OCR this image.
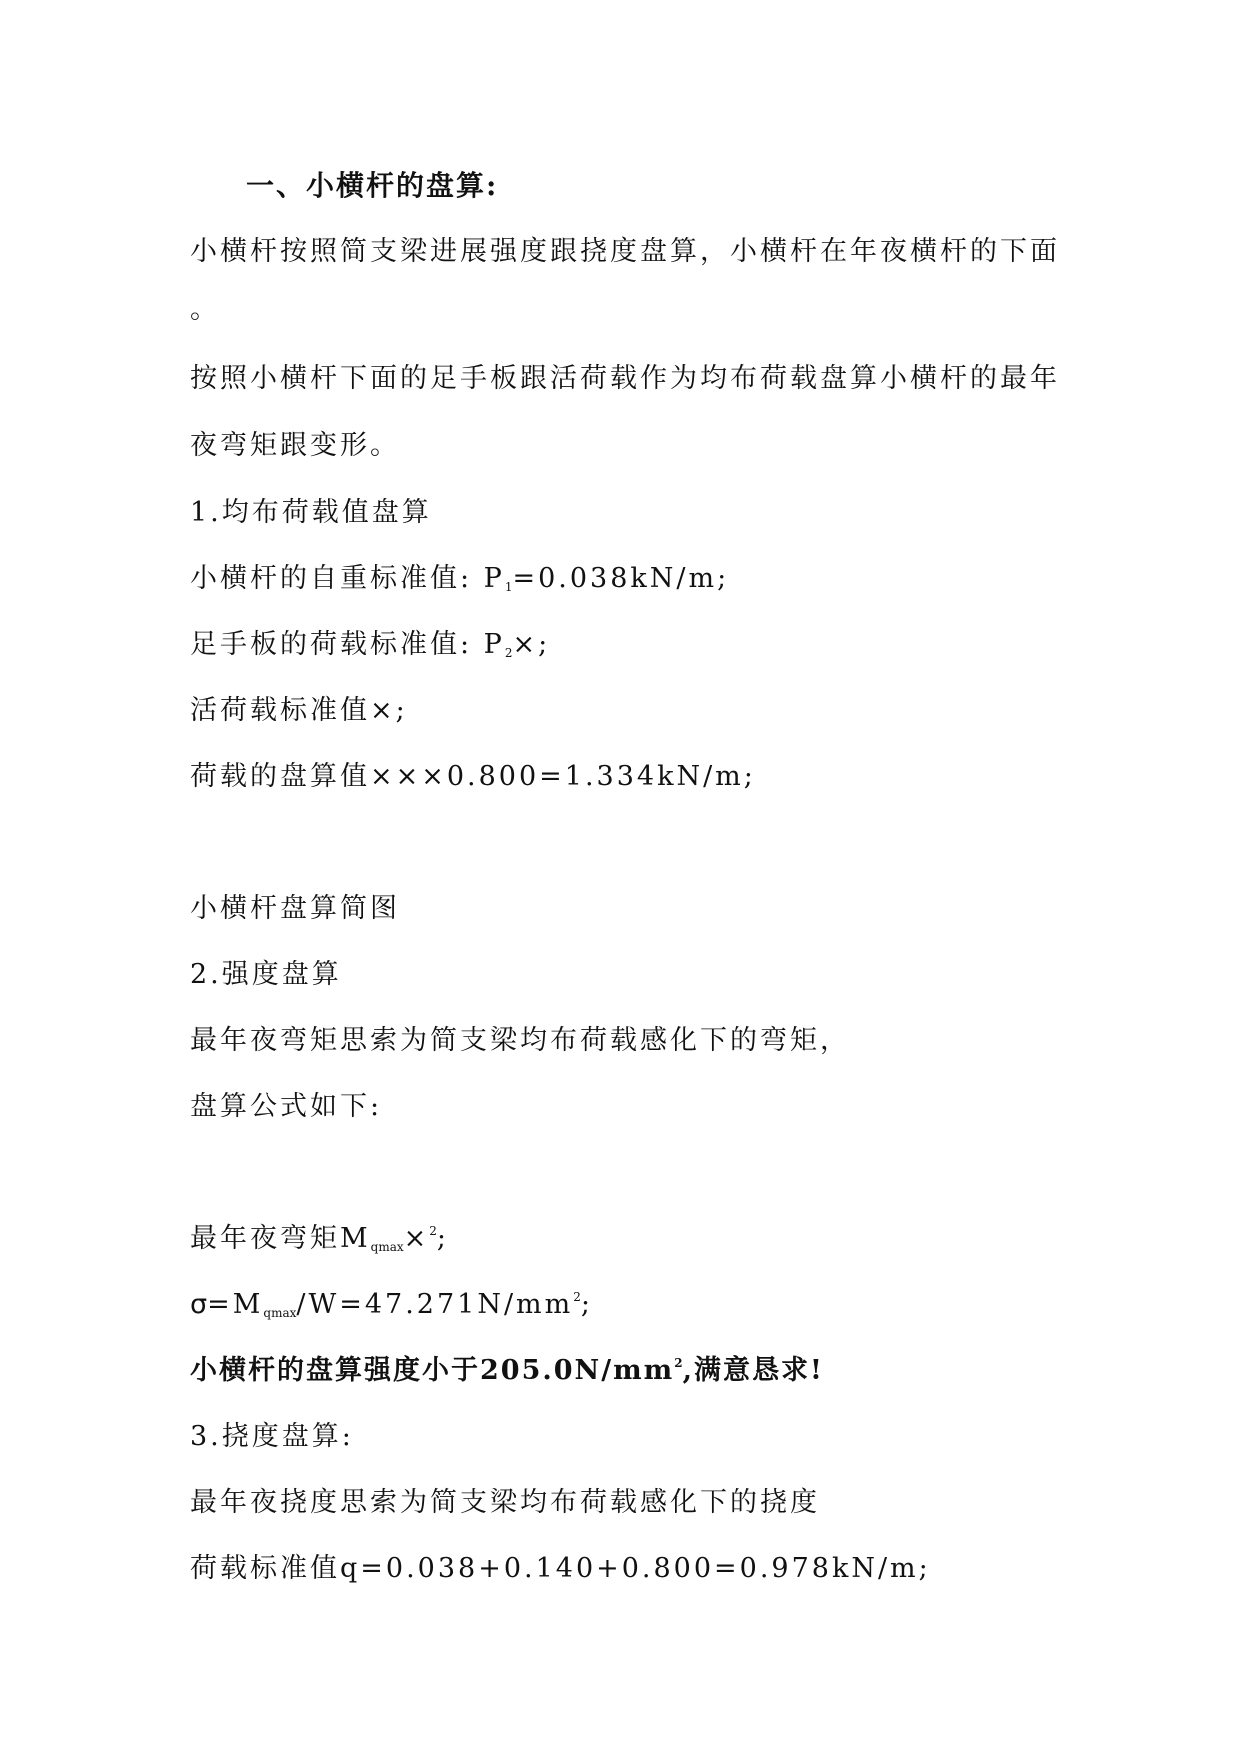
一、小横杆的盘算:
小横杆按照简支梁进展强度跟挠度盘算，小横杆在年夜横杆的下面
。
按照小横杆下面的足手板跟活荷载作为均布荷载盘算小横杆的最年
夜弯矩跟变形。
1.均布荷载值盘算
小横杆的自重标准值: $P_1=0.038kN/m$;
足手板的荷载标准值: $P_2\times$;
活荷载标准值×;
荷载的盘算值×××0.800=1.334kN/m;
小横杆盘算简图
2.强度盘算
最年夜弯矩思索为简支梁均布荷载感化下的弯矩，
盘算公式如下:
最年夜弯矩$M_{qmax}\times^2$;
$\sigma=M_{qmax}/W=47.271N/mm^2$;
小横杆的盘算强度小于$205.0N/mm^2$,满意恳求!
3.挠度盘算:
最年夜挠度思索为简支梁均布荷载感化下的挠度
荷载标准值q=0.038+0.140+0.800=0.978kN/m;
